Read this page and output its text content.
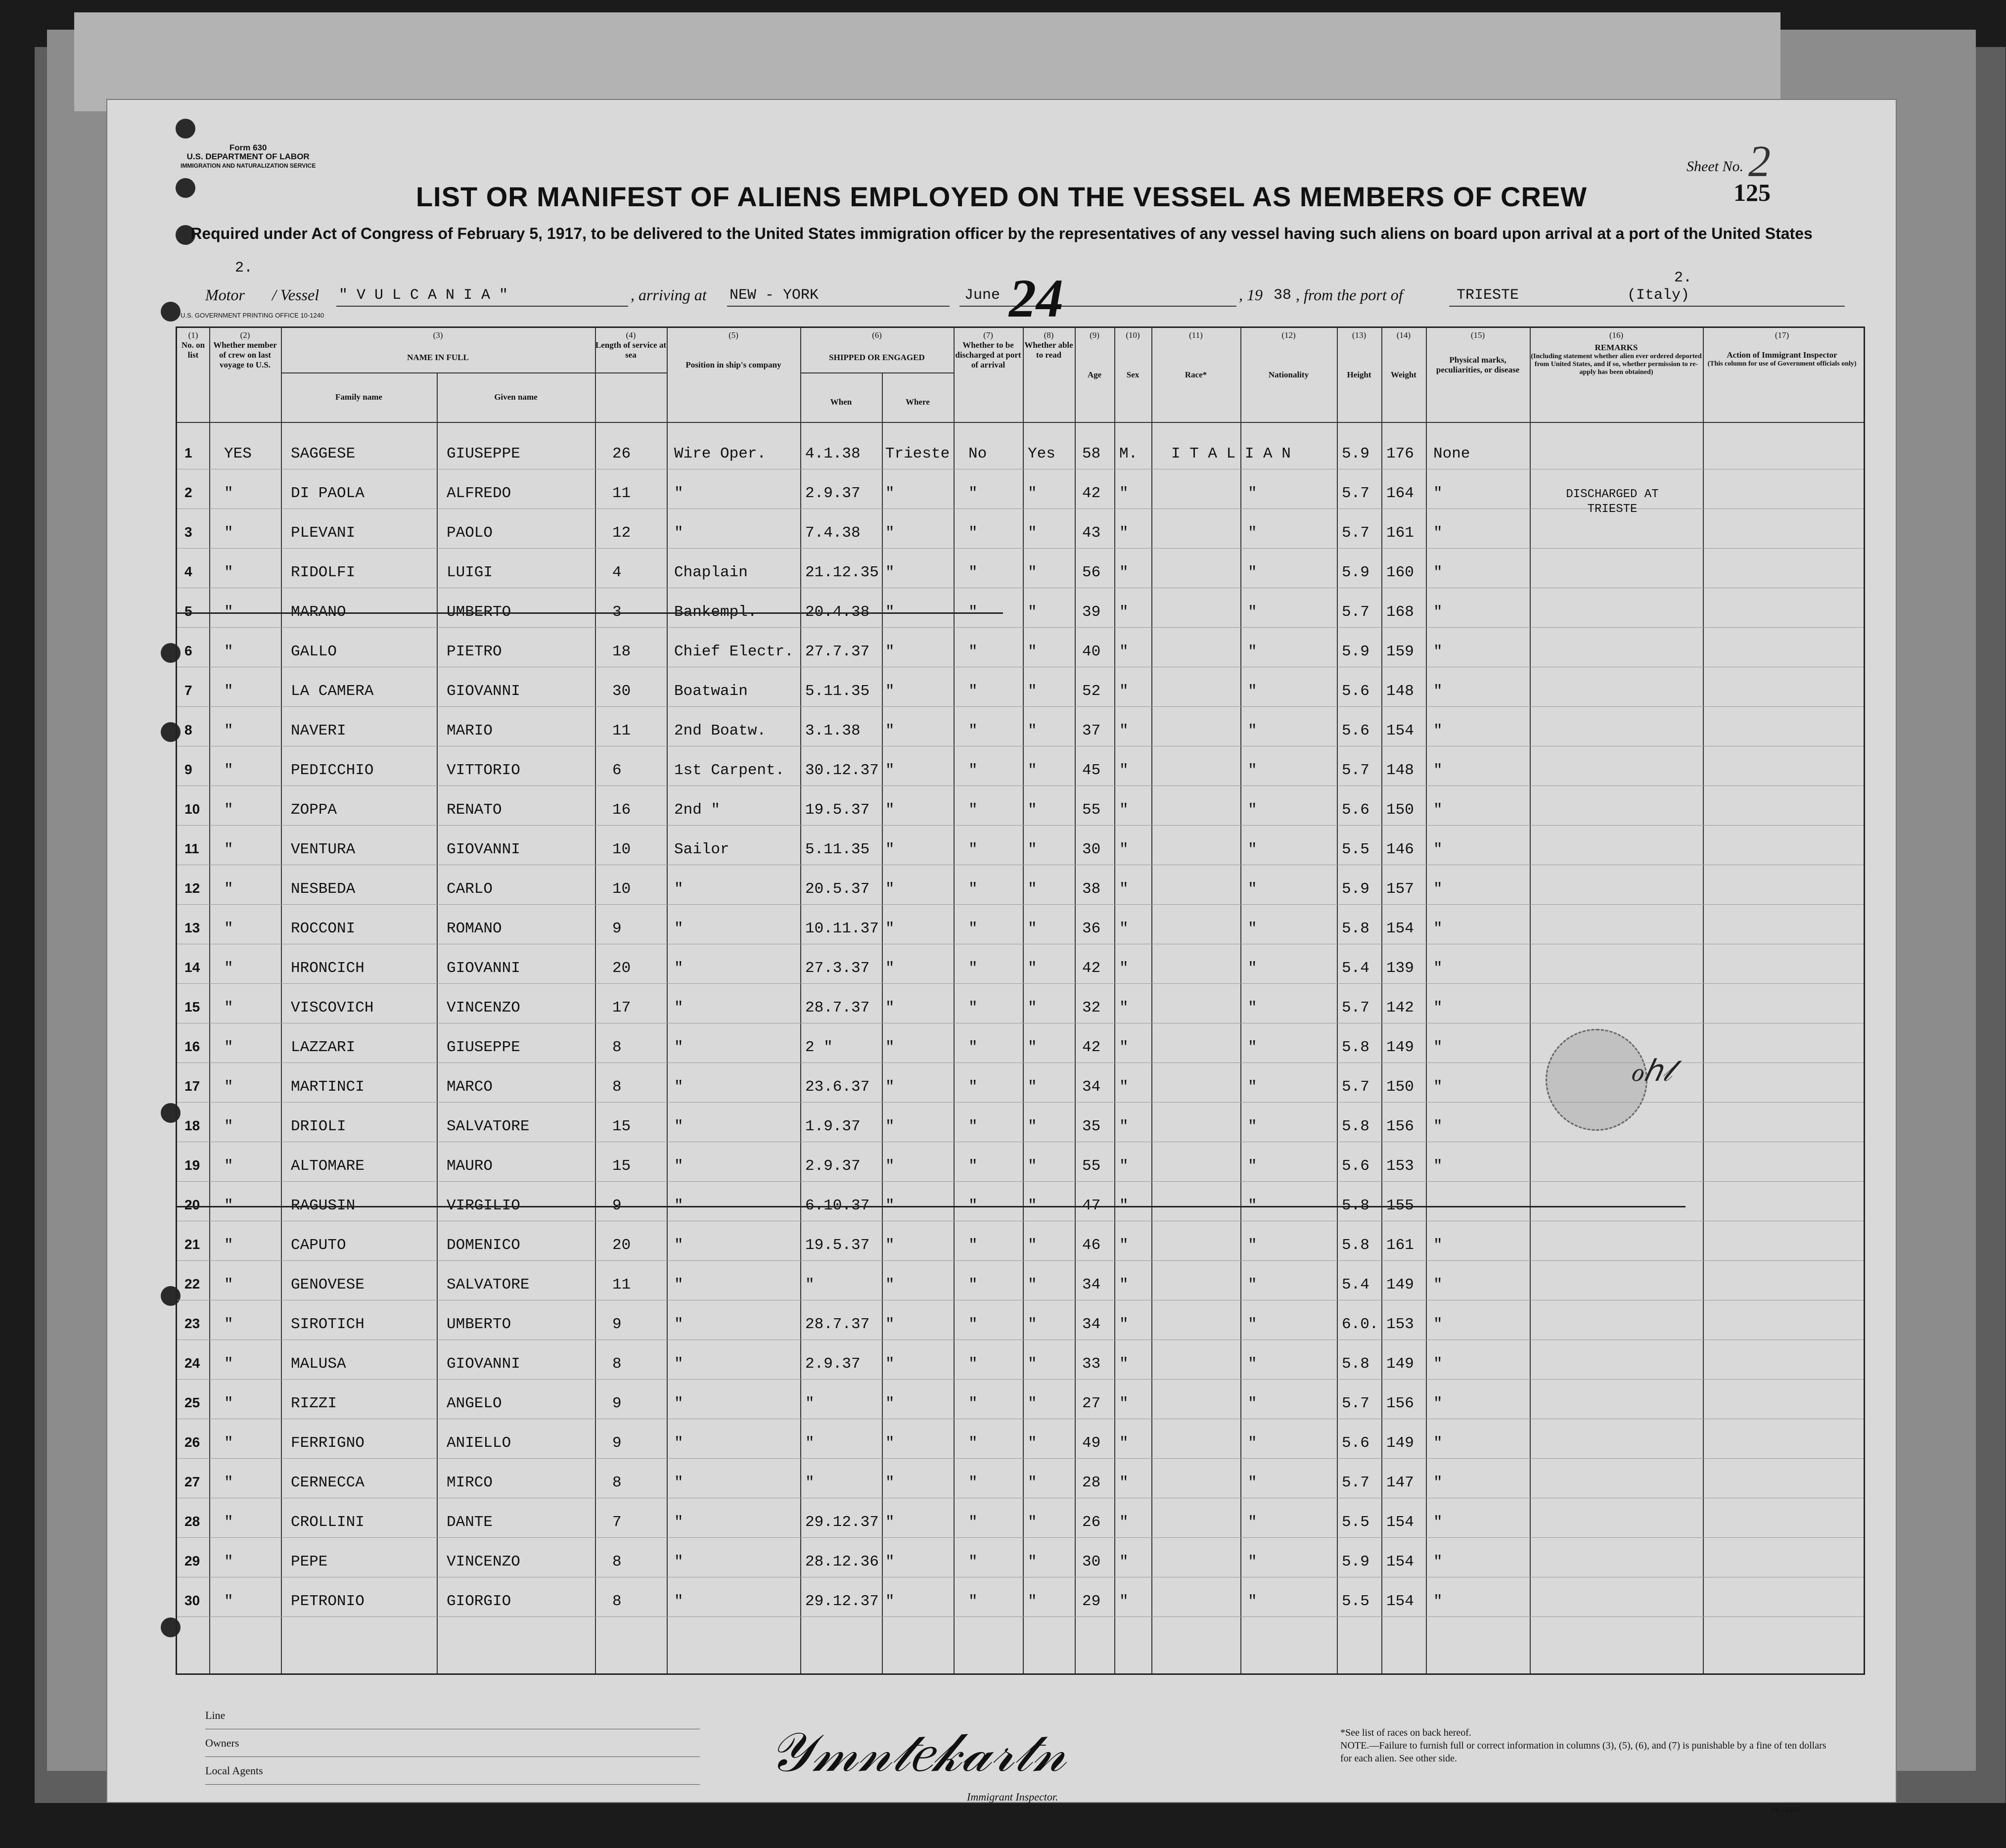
Form 630
U.S. DEPARTMENT OF LABOR
IMMIGRATION AND NATURALIZATION SERVICE	Sheet No. 2
125
LIST OR MANIFEST OF ALIENS EMPLOYED ON THE VESSEL AS MEMBERS OF CREW
Required under Act of Congress of February 5, 1917, to be delivered to the United States immigration officer by the representatives of any vessel having such aliens on board upon arrival at a port of the United States
2.
2.
Motor / Vessel " V U L C A N I A "	, arriving at NEW - YORK	June	, 19 38 , from the port of	TRIESTE	(Italy)
24
U.S. GOVERNMENT PRINTING OFFICE 10-1240
(1)
No. on list
(2)
Whether member of crew on last voyage to U.S.
(3)
NAME IN FULL
Family name	Given name
(4)
Length of service at sea
(5)
Position in ship's company
(6)
SHIPPED OR ENGAGED
When	Where
(7)
Whether to be discharged at port of arrival
(8)
Whether able to read
(9)
Age
(10)
Sex
(11)
Race*
(12)
Nationality
(13)
Height
(14)
Weight
(15)
Physical marks, peculiarities, or disease
(16)
REMARKS
(Including statement whether alien ever ordered deported from United States, and if so, whether permission to re-apply has been obtained)
(17)
Action of Immigrant Inspector
(This column for use of Government officials only)
1 YES	SAGGESE	GIUSEPPE	26	Wire Oper.	4.1.38 Trieste No	Yes 58 M. I T A L I A N	5.9 176 None
2 "	DI PAOLA	ALFREDO	11	"	2.9.37 "	"	"	42 "	"	5.7 164 "
3 "	PLEVANI	PAOLO	12	"	7.4.38 "	"	"	43 "	"	5.7 161 "
4 "	RIDOLFI	LUIGI	4	Chaplain	21.12.35 "	"	"	56 "	"	5.9 160 "
5 "	MARANO	UMBERTO	3	Bankempl.	20.4.38 "	"	"	39 "	"	5.7 168 "
6 "	GALLO	PIETRO	18	Chief Electr. 27.7.37 "	"	"	40 "	"	5.9 159 "
7 "	LA CAMERA	GIOVANNI	30	Boatwain	5.11.35 "	"	"	52 "	"	5.6 148 "
8 "	NAVERI	MARIO	11	2nd Boatw.	3.1.38 "	"	"	37 "	"	5.6 154 "
9 "	PEDICCHIO	VITTORIO	6	1st Carpent. 30.12.37 "	"	"	45 "	"	5.7 148 "
10 "	ZOPPA	RENATO	16	2nd "	19.5.37 "	"	"	55 "	"	5.6 150 "
11 "	VENTURA	GIOVANNI	10	Sailor	5.11.35 "	"	"	30 "	"	5.5 146 "
12 "	NESBEDA	CARLO	10	"	20.5.37 "	"	"	38 "	"	5.9 157 "
13 "	ROCCONI	ROMANO	9	"	10.11.37 "	"	"	36 "	"	5.8 154 "
14 "	HRONCICH	GIOVANNI	20	"	27.3.37 "	"	"	42 "	"	5.4 139 "
15 "	VISCOVICH	VINCENZO	17	"	28.7.37 "	"	"	32 "	"	5.7 142 "
16 "	LAZZARI	GIUSEPPE	8	"	2 "	"	"	"	42 "	"	5.8 149 "
17 "	MARTINCI	MARCO	8	"	23.6.37 "	"	"	34 "	"	5.7 150 "
18 "	DRIOLI	SALVATORE	15	"	1.9.37 "	"	"	35 "	"	5.8 156 "
19 "	ALTOMARE	MAURO	15	"	2.9.37 "	"	"	55 "	"	5.6 153 "
20 "	RAGUSIN	VIRGILIO	9	"	6.10.37 "	"	"	47 "	"	5.8 155
21 "	CAPUTO	DOMENICO	20	"	19.5.37 "	"	"	46 "	"	5.8 161 "
22 "	GENOVESE	SALVATORE	11	"	"	"	"	"	34 "	"	5.4 149 "
23 "	SIROTICH	UMBERTO	9	"	28.7.37 "	"	"	34 "	"	6.0. 153 "
24 "	MALUSA	GIOVANNI	8	"	2.9.37 "	"	"	33 "	"	5.8 149 "
25 "	RIZZI	ANGELO	9	"	"	"	"	"	27 "	"	5.7 156 "
26 "	FERRIGNO	ANIELLO	9	"	"	"	"	"	49 "	"	5.6 149 "
27 "	CERNECCA	MIRCO	8	"	"	"	"	"	28 "	"	5.7 147 "
28 "	CROLLINI	DANTE	7	"	29.12.37 "	"	"	26 "	"	5.5 154 "
29 "	PEPE	VINCENZO	8	"	28.12.36 "	"	"	30 "	"	5.9 154 "
30 "	PETRONIO	GIORGIO	8	"	29.12.37 "	"	"	29 "	"	5.5 154 "
DISCHARGED AT
TRIESTE
ℴℎ𝓁
Line
Owners
Local Agents	𝒴𝓂𝓃𝓉𝑒𝓀𝒶𝓇𝓉𝓃
Immigrant Inspector.
*See list of races on back hereof.
NOTE.—Failure to furnish full or correct information in columns (3), (5), (6), and (7) is punishable by a fine of ten dollars for each alien. See other side.
14—1240
